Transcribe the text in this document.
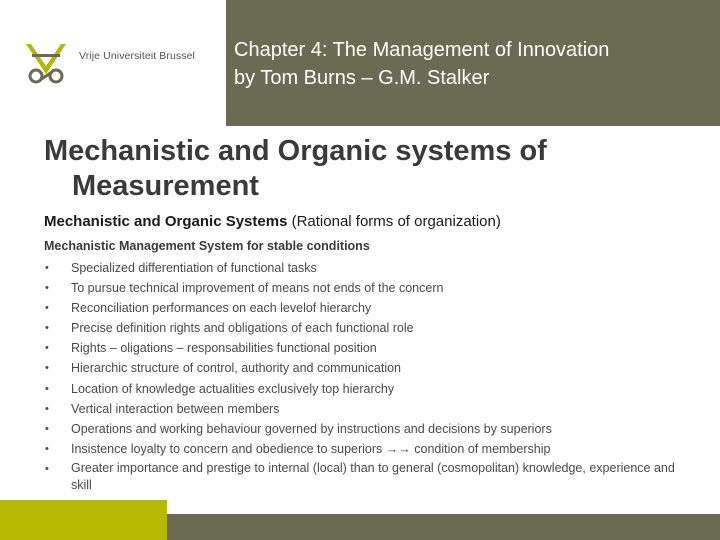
Vrije Universiteit Brussel Chapter 4: The Management of Innovation
by Tom Burns – G.M. Stalker
Mechanistic and Organic systems of
Measurement
Mechanistic and Organic Systems (Rational forms of organization)
Mechanistic Management System for stable conditions
•	Specialized differentiation of functional tasks
•	To pursue technical improvement of means not ends of the concern
•	Reconciliation performances on each levelof hierarchy
•	Precise definition rights and obligations of each functional role
•	Rights – oligations – responsabilities functional position
•	Hierarchic structure of control, authority and communication
•	Location of knowledge actualities exclusively top hierarchy
•	Vertical interaction between members
•	Operations and working behaviour governed by instructions and decisions by superiors
•	Insistence loyalty to concern and obedience to superiors →→ condition of membership
•	Greater importance and prestige to internal (local) than to general (cosmopolitan) knowledge, experience and skill
